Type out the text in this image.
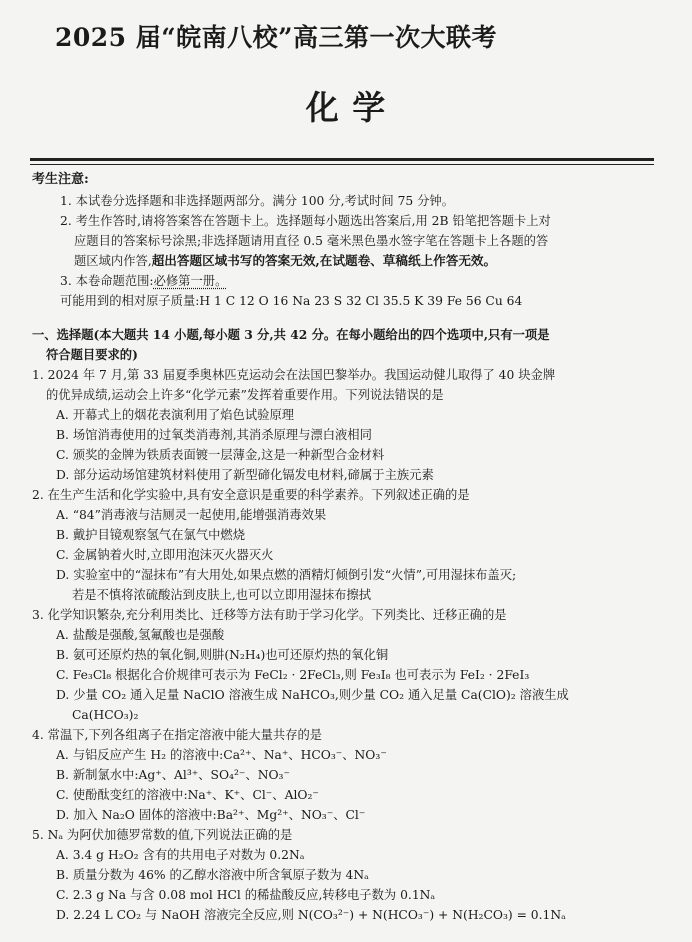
2025 届“皖南八校”高三第一次大联考
化 学
考生注意:
1. 本试卷分选择题和非选择题两部分。满分 100 分,考试时间 75 分钟。
2. 考生作答时,请将答案答在答题卡上。选择题每小题选出答案后,用 2B 铅笔把答题卡上对
应题目的答案标号涂黑;非选择题请用直径 0.5 毫米黑色墨水签字笔在答题卡上各题的答
题区域内作答,超出答题区域书写的答案无效,在试题卷、草稿纸上作答无效。
3. 本卷命题范围:必修第一册。
可能用到的相对原子质量:H 1 C 12 O 16 Na 23 S 32 Cl 35.5 K 39 Fe 56 Cu 64
一、选择题(本大题共 14 小题,每小题 3 分,共 42 分。在每小题给出的四个选项中,只有一项是
符合题目要求的)
1. 2024 年 7 月,第 33 届夏季奥林匹克运动会在法国巴黎举办。我国运动健儿取得了 40 块金牌
的优异成绩,运动会上许多“化学元素”发挥着重要作用。下列说法错误的是
A. 开幕式上的烟花表演利用了焰色试验原理
B. 场馆消毒使用的过氧类消毒剂,其消杀原理与漂白液相同
C. 颁奖的金牌为铁质表面镀一层薄金,这是一种新型合金材料
D. 部分运动场馆建筑材料使用了新型碲化镉发电材料,碲属于主族元素
2. 在生产生活和化学实验中,具有安全意识是重要的科学素养。下列叙述正确的是
A. “84”消毒液与洁厕灵一起使用,能增强消毒效果
B. 戴护目镜观察氢气在氯气中燃烧
C. 金属钠着火时,立即用泡沫灭火器灭火
D. 实验室中的“湿抹布”有大用处,如果点燃的酒精灯倾倒引发“火情”,可用湿抹布盖灭;
若是不慎将浓硫酸沾到皮肤上,也可以立即用湿抹布擦拭
3. 化学知识繁杂,充分利用类比、迁移等方法有助于学习化学。下列类比、迁移正确的是
A. 盐酸是强酸,氢氟酸也是强酸
B. 氨可还原灼热的氧化铜,则肼(N₂H₄)也可还原灼热的氧化铜
C. Fe₃Cl₈ 根据化合价规律可表示为 FeCl₂ · 2FeCl₃,则 Fe₃I₈ 也可表示为 FeI₂ · 2FeI₃
D. 少量 CO₂ 通入足量 NaClO 溶液生成 NaHCO₃,则少量 CO₂ 通入足量 Ca(ClO)₂ 溶液生成
Ca(HCO₃)₂
4. 常温下,下列各组离子在指定溶液中能大量共存的是
A. 与铝反应产生 H₂ 的溶液中:Ca²⁺、Na⁺、HCO₃⁻、NO₃⁻
B. 新制氯水中:Ag⁺、Al³⁺、SO₄²⁻、NO₃⁻
C. 使酚酞变红的溶液中:Na⁺、K⁺、Cl⁻、AlO₂⁻
D. 加入 Na₂O 固体的溶液中:Ba²⁺、Mg²⁺、NO₃⁻、Cl⁻
5. Nₐ 为阿伏加德罗常数的值,下列说法正确的是
A. 3.4 g H₂O₂ 含有的共用电子对数为 0.2Nₐ
B. 质量分数为 46% 的乙醇水溶液中所含氧原子数为 4Nₐ
C. 2.3 g Na 与含 0.08 mol HCl 的稀盐酸反应,转移电子数为 0.1Nₐ
D. 2.24 L CO₂ 与 NaOH 溶液完全反应,则 N(CO₃²⁻) + N(HCO₃⁻) + N(H₂CO₃) = 0.1Nₐ
